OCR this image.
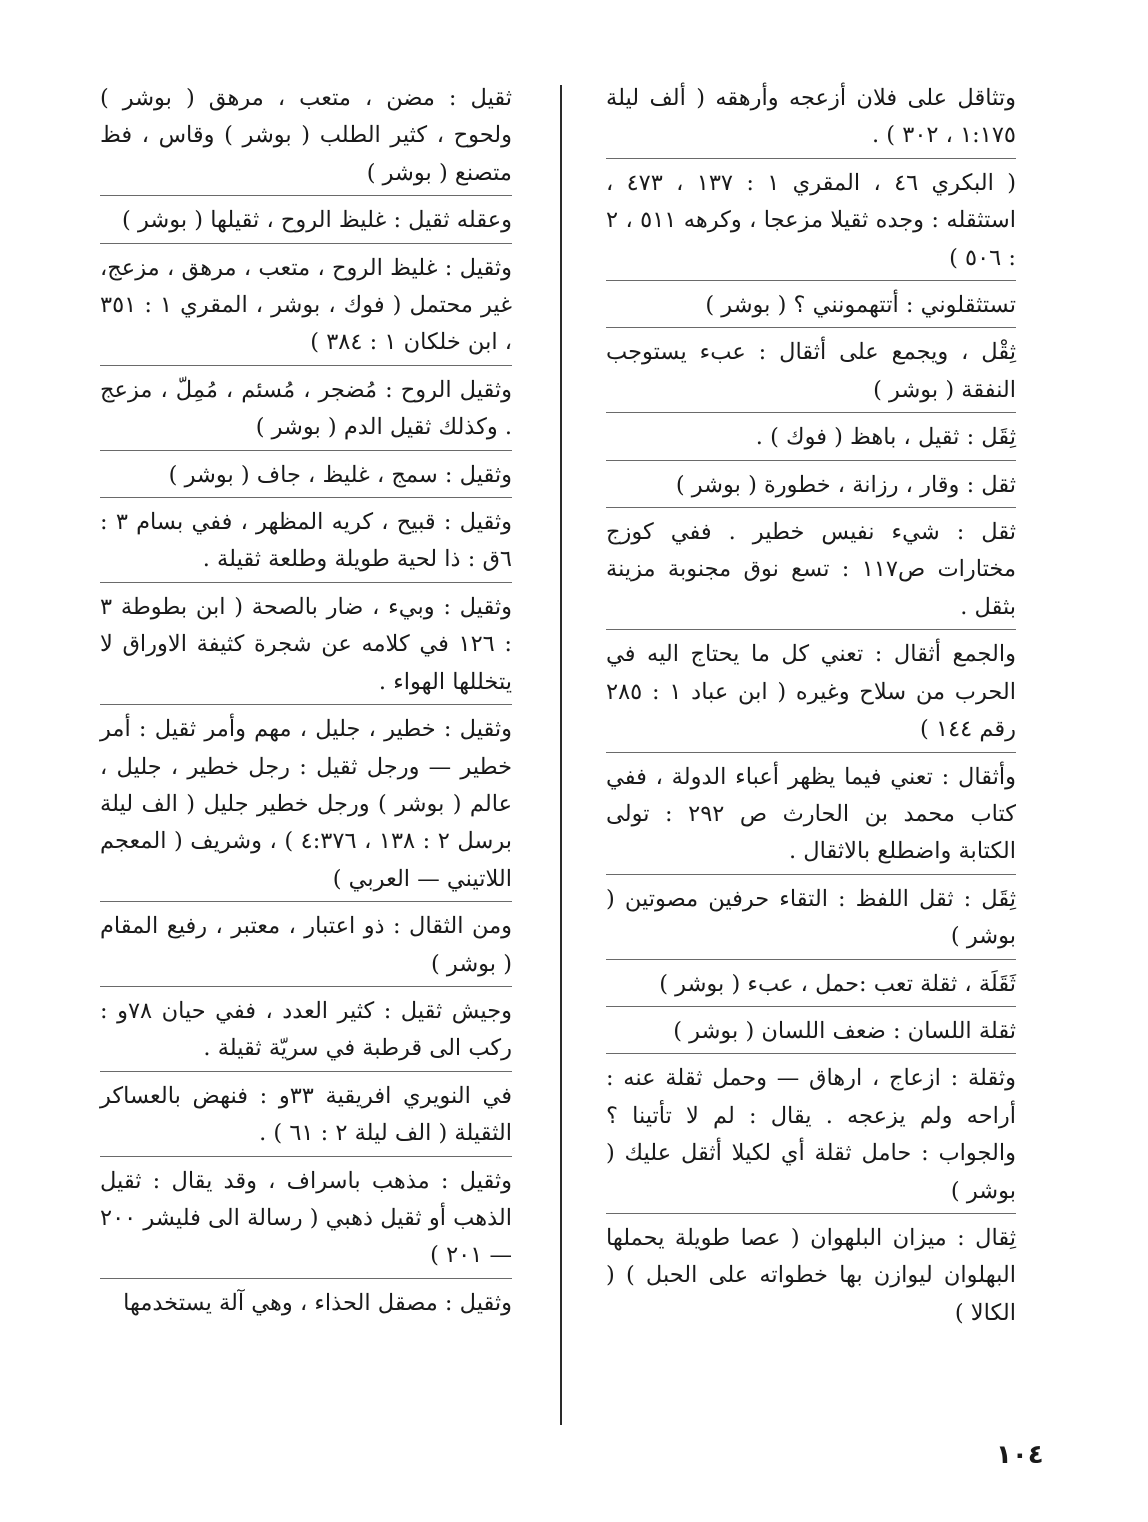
وتثاقل على فلان أزعجه وأرهقه ( ألف ليلة ١:١٧٥ ، ٣٠٢ ) .

( البكري ٤٦ ، المقري ١ : ١٣٧ ، ٤٧٣ ، استثقله : وجده ثقيلا مزعجا ، وكرهه ٥١١ ، ٢ : ٥٠٦ )

تستثقلوني : أتتهمونني ؟ ( بوشر )

ثِقْل ، ويجمع على أثقال : عبء يستوجب النفقة ( بوشر )

ثِقَل : ثقيل ، باهظ ( فوك ) .

ثقل : وقار ، رزانة ، خطورة ( بوشر )

ثقل : شيء نفيس خطير . ففي كوزج مختارات ص١١٧ : تسع نوق مجنوبة مزينة بثقل .

والجمع أثقال : تعني كل ما يحتاج اليه في الحرب من سلاح وغيره ( ابن عباد ١ : ٢٨٥ رقم ١٤٤ )

وأثقال : تعني فيما يظهر أعباء الدولة ، ففي كتاب محمد بن الحارث ص ٢٩٢ : تولى الكتابة واضطلع بالاثقال .

ثِقَل : ثقل اللفظ : التقاء حرفين مصوتين ( بوشر )

ثَقَلَة ، ثقلة تعب :حمل ، عبء ( بوشر )

ثقلة اللسان : ضعف اللسان ( بوشر )

وثقلة : ازعاج ، ارهاق — وحمل ثقلة عنه : أراحه ولم يزعجه . يقال : لم لا تأتينا ؟ والجواب : حامل ثقلة أي لكيلا أثقل عليك ( بوشر )

ثِقال : ميزان البلهوان ( عصا طويلة يحملها البهلوان ليوازن بها خطواته على الحبل ) ( الكالا )

ثقيل : مضن ، متعب ، مرهق ( بوشر ) ولحوح ، كثير الطلب ( بوشر ) وقاس ، فظ متصنع ( بوشر )

وعقله ثقيل : غليظ الروح ، ثقيلها ( بوشر )

وثقيل : غليظ الروح ، متعب ، مرهق ، مزعج، غير محتمل ( فوك ، بوشر ، المقري ١ : ٣٥١ ، ابن خلكان ١ : ٣٨٤ )

وثقيل الروح : مُضجر ، مُسئم ، مُمِلّ ، مزعج . وكذلك ثقيل الدم ( بوشر )

وثقيل : سمج ، غليظ ، جاف ( بوشر )

وثقيل : قبيح ، كريه المظهر ، ففي بسام ٣ : ٦ق : ذا لحية طويلة وطلعة ثقيلة .

وثقيل : وبيء ، ضار بالصحة ( ابن بطوطة ٣ : ١٢٦ في كلامه عن شجرة كثيفة الاوراق لا يتخللها الهواء .

وثقيل : خطير ، جليل ، مهم وأمر ثقيل : أمر خطير — ورجل ثقيل : رجل خطير ، جليل ، عالم ( بوشر ) ورجل خطير جليل ( الف ليلة برسل ٢ : ١٣٨ ، ٤:٣٧٦ ) ، وشريف ( المعجم اللاتيني — العربي )

ومن الثقال : ذو اعتبار ، معتبر ، رفيع المقام ( بوشر )

وجيش ثقيل : كثير العدد ، ففي حيان ٧٨و : ركب الى قرطبة في سريّة ثقيلة .

في النويري افريقية ٣٣و : فنهض بالعساكر الثقيلة ( الف ليلة ٢ : ٦١ ) .

وثقيل : مذهب باسراف ، وقد يقال : ثقيل الذهب أو ثقيل ذهبي ( رسالة الى فليشر ٢٠٠ — ٢٠١ )

وثقيل : مصقل الحذاء ، وهي آلة يستخدمها

١٠٤
